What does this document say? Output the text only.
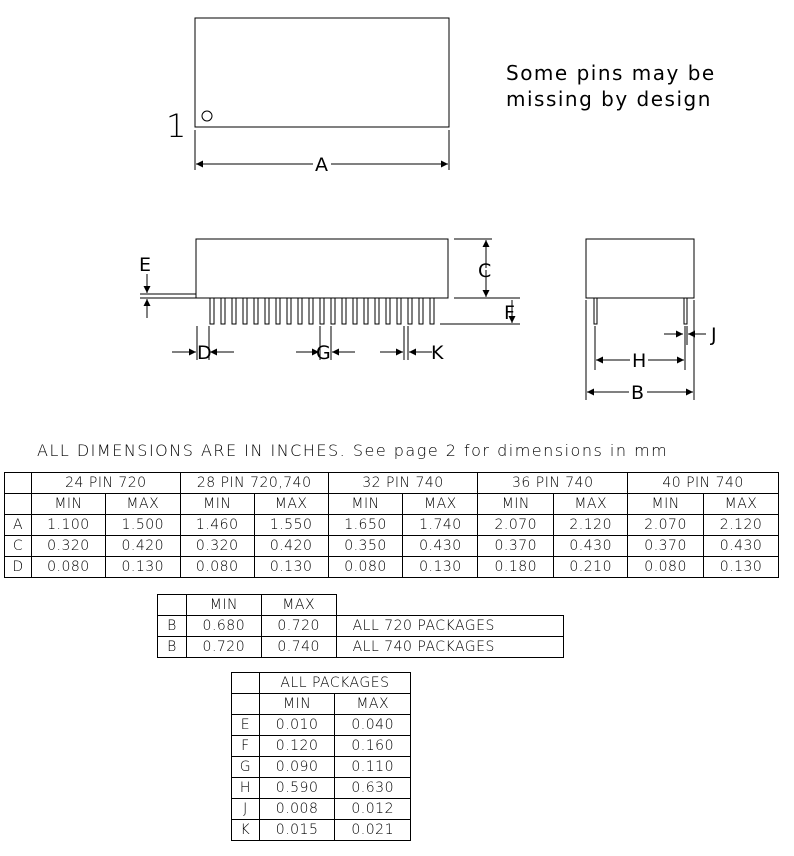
1
Some pins may be
missing by design
A
E	C
F
D	G	K
J
H
B
ALL DIMENSIONS ARE IN INCHES. See page 2 for dimensions in mm
	24 PIN 720		28 PIN 720,740		32 PIN 740		36 PIN 740		40 PIN 740	
	MIN	MAX	MIN	MAX	MIN	MAX	MIN	MAX	MIN	MAX
A	1.100	1.500	1.460	1.550	1.650	1.740	2.070	2.120	2.070	2.120
C	0.320	0.420	0.320	0.420	0.350	0.430	0.370	0.430	0.370	0.430
D	0.080	0.130	0.080	0.130	0.080	0.130	0.180	0.210	0.080	0.130
	MIN	MAX	
B	0.680	0.720	ALL 720 PACKAGES
B	0.720	0.740	ALL 740 PACKAGES
	ALL PACKAGES	
	MIN	MAX
E	0.010	0.040
F	0.120	0.160
G	0.090	0.110
H	0.590	0.630
J	0.008	0.012
K	0.015	0.021
